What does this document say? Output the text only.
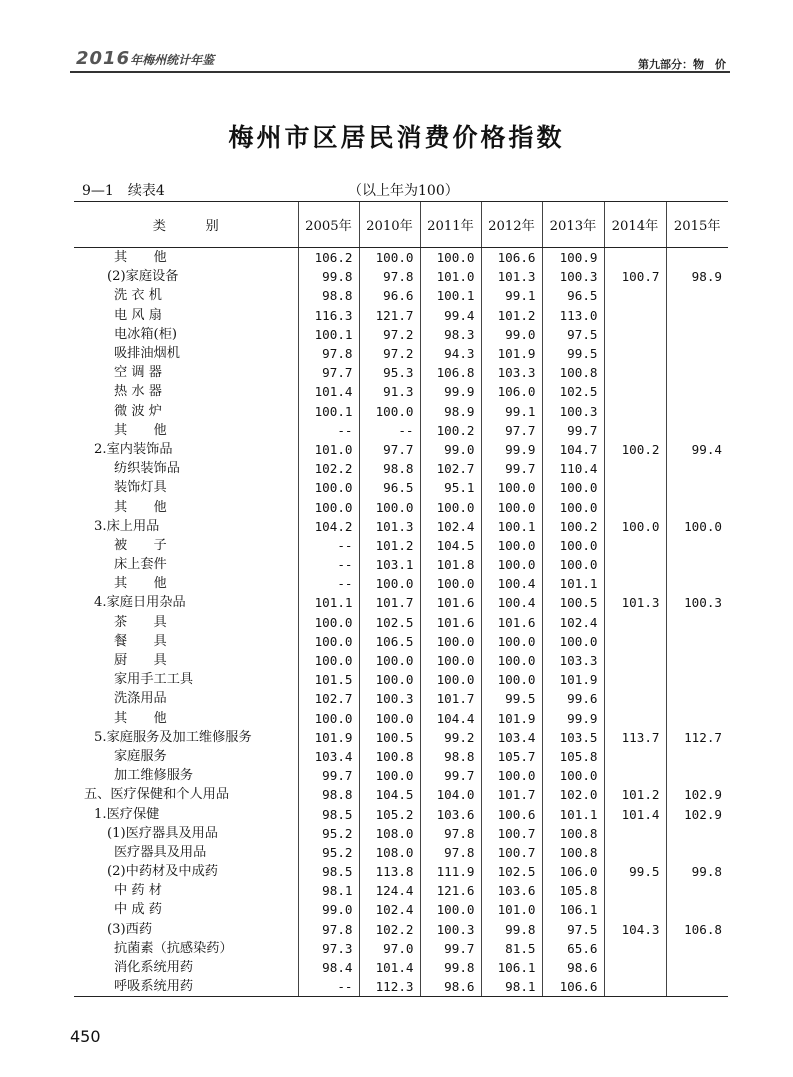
2016年梅州统计年鉴	第九部分：物　价
梅州市区居民消费价格指数
9—1　续表4	（以上年为100）
类　　　别	2005年	2010年	2011年	2012年	2013年	2014年	2015年
其　　他	106.2	100.0	100.0	106.6	100.9		
(2)家庭设备	99.8	97.8	101.0	101.3	100.3	100.7	98.9
洗 衣 机	98.8	96.6	100.1	99.1	96.5		
电 风 扇	116.3	121.7	99.4	101.2	113.0		
电冰箱(柜)	100.1	97.2	98.3	99.0	97.5		
吸排油烟机	97.8	97.2	94.3	101.9	99.5		
空 调 器	97.7	95.3	106.8	103.3	100.8		
热 水 器	101.4	91.3	99.9	106.0	102.5		
微 波 炉	100.1	100.0	98.9	99.1	100.3		
其　　他	--	--	100.2	97.7	99.7		
2.室内装饰品	101.0	97.7	99.0	99.9	104.7	100.2	99.4
纺织装饰品	102.2	98.8	102.7	99.7	110.4		
装饰灯具	100.0	96.5	95.1	100.0	100.0		
其　　他	100.0	100.0	100.0	100.0	100.0		
3.床上用品	104.2	101.3	102.4	100.1	100.2	100.0	100.0
被　　子	--	101.2	104.5	100.0	100.0		
床上套件	--	103.1	101.8	100.0	100.0		
其　　他	--	100.0	100.0	100.4	101.1		
4.家庭日用杂品	101.1	101.7	101.6	100.4	100.5	101.3	100.3
茶　　具	100.0	102.5	101.6	101.6	102.4		
餐　　具	100.0	106.5	100.0	100.0	100.0		
厨　　具	100.0	100.0	100.0	100.0	103.3		
家用手工工具	101.5	100.0	100.0	100.0	101.9		
洗涤用品	102.7	100.3	101.7	99.5	99.6		
其　　他	100.0	100.0	104.4	101.9	99.9		
5.家庭服务及加工维修服务	101.9	100.5	99.2	103.4	103.5	113.7	112.7
家庭服务	103.4	100.8	98.8	105.7	105.8		
加工维修服务	99.7	100.0	99.7	100.0	100.0		
五、医疗保健和个人用品	98.8	104.5	104.0	101.7	102.0	101.2	102.9
1.医疗保健	98.5	105.2	103.6	100.6	101.1	101.4	102.9
(1)医疗器具及用品	95.2	108.0	97.8	100.7	100.8		
医疗器具及用品	95.2	108.0	97.8	100.7	100.8		
(2)中药材及中成药	98.5	113.8	111.9	102.5	106.0	99.5	99.8
中 药 材	98.1	124.4	121.6	103.6	105.8		
中 成 药	99.0	102.4	100.0	101.0	106.1		
(3)西药	97.8	102.2	100.3	99.8	97.5	104.3	106.8
抗菌素（抗感染药）	97.3	97.0	99.7	81.5	65.6		
消化系统用药	98.4	101.4	99.8	106.1	98.6		
呼吸系统用药	--	112.3	98.6	98.1	106.6		
450
